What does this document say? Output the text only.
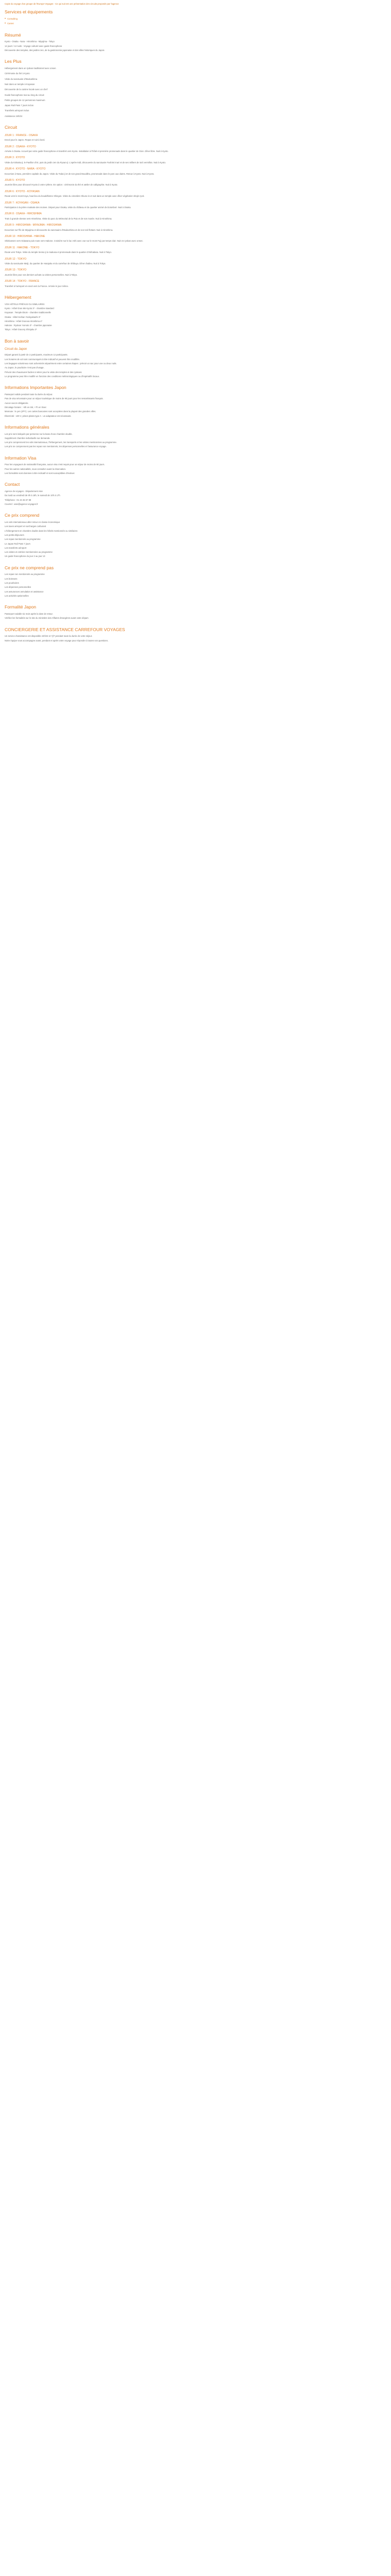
Copie du voyage d'un groupe de l'Europe-Voyages - Ce qui suit est une présentation des circuits proposés par l'agence

Services et équipements
• Consulting
• Carnet
Résumé

Kyoto - Osaka - Nara - Hiroshima - Miyajima - Tokyo

14 jours / 12 nuits - Voyage culturel avec guide francophone

Découverte des temples, des jardins zen, de la gastronomie japonaise et des villes historiques du Japon.

Les Plus

Hébergement dans un ryokan traditionnel avec onsen

Cérémonie du thé à Kyoto

Visite du sanctuaire d'Itsukushima

Nuit dans un temple à Koyasan

Découverte de la cuisine locale avec un chef

Guide francophone tout au long du circuit

Petits groupes de 12 personnes maximum

Japan Rail Pass 7 jours inclus

Transferts aéroport inclus

Assistance 24h/24

Circuit
JOUR 1 : FRANCE - OSAKA

Envol pour le Japon. Repas et nuit à bord.

JOUR 2 : OSAKA - KYOTO

Arrivée à Osaka. Accueil par votre guide francophone et transfert vers Kyoto. Installation à l'hôtel et première promenade dans le quartier de Gion. Dîner libre. Nuit à Kyoto.

JOUR 3 : KYOTO

Visite du Kinkaku-ji, le Pavillon d'Or, puis du jardin zen du Ryoan-ji. L'après-midi, découverte du sanctuaire Fushimi Inari et de ses milliers de torii vermillon. Nuit à Kyoto.

JOUR 4 : KYOTO - NARA - KYOTO

Excursion à Nara, première capitale du Japon. Visite du Todai-ji et de son grand Bouddha, promenade dans le parc aux daims. Retour à Kyoto. Nuit à Kyoto.

JOUR 5 : KYOTO

Journée libre pour découvrir Kyoto à votre rythme. En option : cérémonie du thé et atelier de calligraphie. Nuit à Kyoto.

JOUR 6 : KYOTO - KOYASAN

Route vers le mont Koya, haut lieu du bouddhisme Shingon. Visite du cimetière Okuno-in et nuit dans un temple avec dîner végétarien shojin ryori.

JOUR 7 : KOYASAN - OSAKA

Participation à la prière matinale des moines. Départ pour Osaka, visite du château et du quartier animé de Dotonbori. Nuit à Osaka.

JOUR 8 : OSAKA - HIROSHIMA

Train à grande vitesse vers Hiroshima. Visite du parc du Mémorial de la Paix et de son musée. Nuit à Hiroshima.

JOUR 9 : HIROSHIMA - MIYAJIMA - HIROSHIMA

Excursion sur l'île de Miyajima et découverte du sanctuaire d'Itsukushima et de son torii flottant. Nuit à Hiroshima.

JOUR 10 : HIROSHIMA - HAKONE

Shinkansen vers Odawara puis route vers Hakone. Croisière sur le lac Ashi avec vue sur le mont Fuji par temps clair. Nuit en ryokan avec onsen.

JOUR 11 : HAKONE - TOKYO

Route vers Tokyo. Visite du temple Senso-ji à Asakusa et promenade dans le quartier d'Akihabara. Nuit à Tokyo.

JOUR 12 : TOKYO

Visite du sanctuaire Meiji, du quartier de Harajuku et du carrefour de Shibuya. Dîner d'adieu. Nuit à Tokyo.

JOUR 13 : TOKYO

Journée libre pour vos derniers achats ou visites personnelles. Nuit à Tokyo.

JOUR 14 : TOKYO - FRANCE

Transfert à l'aéroport et envol vers la France. Arrivée le jour même.

Hébergement

VOS HÔTELS PRÉVUS OU SIMILAIRES

Kyoto : Hôtel Gran Ms Kyoto 3* - chambre standard

Koyasan : Temple Ekoin - chambre traditionnelle

Osaka : Hôtel Keihan Yodoyabashi 3*

Hiroshima : Hôtel Granvia Hiroshima 4*

Hakone : Ryokan Yumoto 3* - chambre japonaise

Tokyo : Hôtel Gracery Shinjuku 3*

Bon à savoir
Circuit du Japon

Départ garanti à partir de 2 participants, maximum 12 participants.

Les horaires de vol sont communiqués à titre indicatif et peuvent être modifiés.

Les bagages volumineux sont acheminés séparément entre certaines étapes : prévoir un sac pour une ou deux nuits.

Au Japon, le pourboire n'est pas d'usage.

Prévoir des chaussures faciles à retirer pour la visite des temples et des ryokans.

Le programme peut être modifié en fonction des conditions météorologiques ou d'impératifs locaux.

Informations Importantes Japon

Passeport valide pendant toute la durée du séjour.

Pas de visa nécessaire pour un séjour touristique de moins de 90 jours pour les ressortissants français.

Aucun vaccin obligatoire.

Décalage horaire : +8h en été, +7h en hiver.

Monnaie : le yen (JPY). Les cartes bancaires sont acceptées dans la plupart des grandes villes.

Électricité : 100 V, prises plates type A - un adaptateur est nécessaire.

Informations générales

Les prix sont indiqués par personne sur la base d'une chambre double.

Supplément chambre individuelle sur demande.

Les prix comprennent les vols internationaux, l'hébergement, les transports et les visites mentionnées au programme.

Les prix ne comprennent pas les repas non mentionnés, les dépenses personnelles et l'assurance voyage.

Information Visa

Pour les voyageurs de nationalité française, aucun visa n'est requis pour un séjour de moins de 90 jours.

Pour les autres nationalités, nous consulter avant la réservation.

Les formalités sont données à titre indicatif et sont susceptibles d'évoluer.

Contact

Agence de voyages - Département Asie

Du lundi au vendredi de 9h à 18h, le samedi de 10h à 17h

Téléphone : 01 23 45 67 89

Courriel : asie@agence-voyages.fr

Ce prix comprend

Les vols internationaux aller-retour en classe économique

Les taxes aéroport et surcharges carburant

L'hébergement en chambre double dans les hôtels mentionnés ou similaires

Les petits-déjeuners

Les repas mentionnés au programme

Le Japan Rail Pass 7 jours

Les transferts aéroport

Les visites et entrées mentionnées au programme

Un guide francophone du jour 2 au jour 13

Ce prix ne comprend pas

Les repas non mentionnés au programme

Les boissons

Les pourboires

Les dépenses personnelles

Les assurances annulation et assistance

Les activités optionnelles

Formalité Japon

Passeport valable six mois après la date de retour.

Vérifiez les formalités sur le site du ministère des Affaires étrangères avant votre départ.

CONCIERGERIE ET ASSISTANCE CARREFOUR VOYAGES

Un service d'assistance est disponible 24h/24 et 7j/7 pendant toute la durée de votre séjour.

Notre équipe vous accompagne avant, pendant et après votre voyage pour répondre à toutes vos questions.
